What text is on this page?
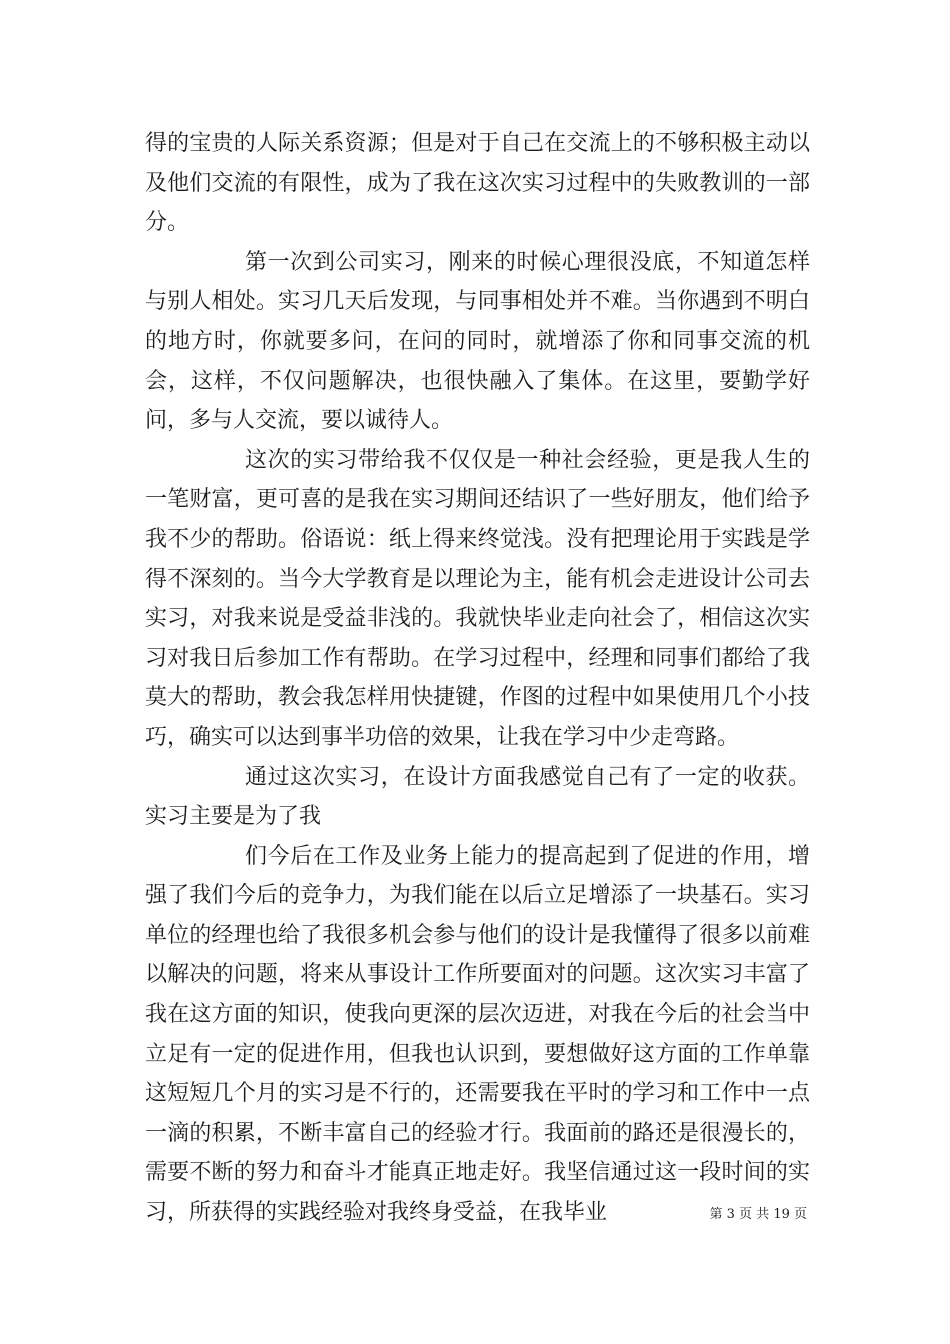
得的宝贵的人际关系资源；但是对于自己在交流上的不够积极主动以及他们交流的有限性，成为了我在这次实习过程中的失败教训的一部分。

第一次到公司实习，刚来的时候心理很没底，不知道怎样与别人相处。实习几天后发现，与同事相处并不难。当你遇到不明白的地方时，你就要多问，在问的同时，就增添了你和同事交流的机会，这样，不仅问题解决，也很快融入了集体。在这里，要勤学好问，多与人交流，要以诚待人。

这次的实习带给我不仅仅是一种社会经验，更是我人生的一笔财富，更可喜的是我在实习期间还结识了一些好朋友，他们给予我不少的帮助。俗语说：纸上得来终觉浅。没有把理论用于实践是学得不深刻的。当今大学教育是以理论为主，能有机会走进设计公司去实习，对我来说是受益非浅的。我就快毕业走向社会了，相信这次实习对我日后参加工作有帮助。在学习过程中，经理和同事们都给了我莫大的帮助，教会我怎样用快捷键，作图的过程中如果使用几个小技巧，确实可以达到事半功倍的效果，让我在学习中少走弯路。

通过这次实习，在设计方面我感觉自己有了一定的收获。实习主要是为了我

们今后在工作及业务上能力的提高起到了促进的作用，增强了我们今后的竞争力，为我们能在以后立足增添了一块基石。实习单位的经理也给了我很多机会参与他们的设计是我懂得了很多以前难以解决的问题，将来从事设计工作所要面对的问题。这次实习丰富了我在这方面的知识，使我向更深的层次迈进，对我在今后的社会当中立足有一定的促进作用，但我也认识到，要想做好这方面的工作单靠这短短几个月的实习是不行的，还需要我在平时的学习和工作中一点一滴的积累，不断丰富自己的经验才行。我面前的路还是很漫长的，需要不断的努力和奋斗才能真正地走好。我坚信通过这一段时间的实习，所获得的实践经验对我终身受益，在我毕业	第 3 页 共 19 页
